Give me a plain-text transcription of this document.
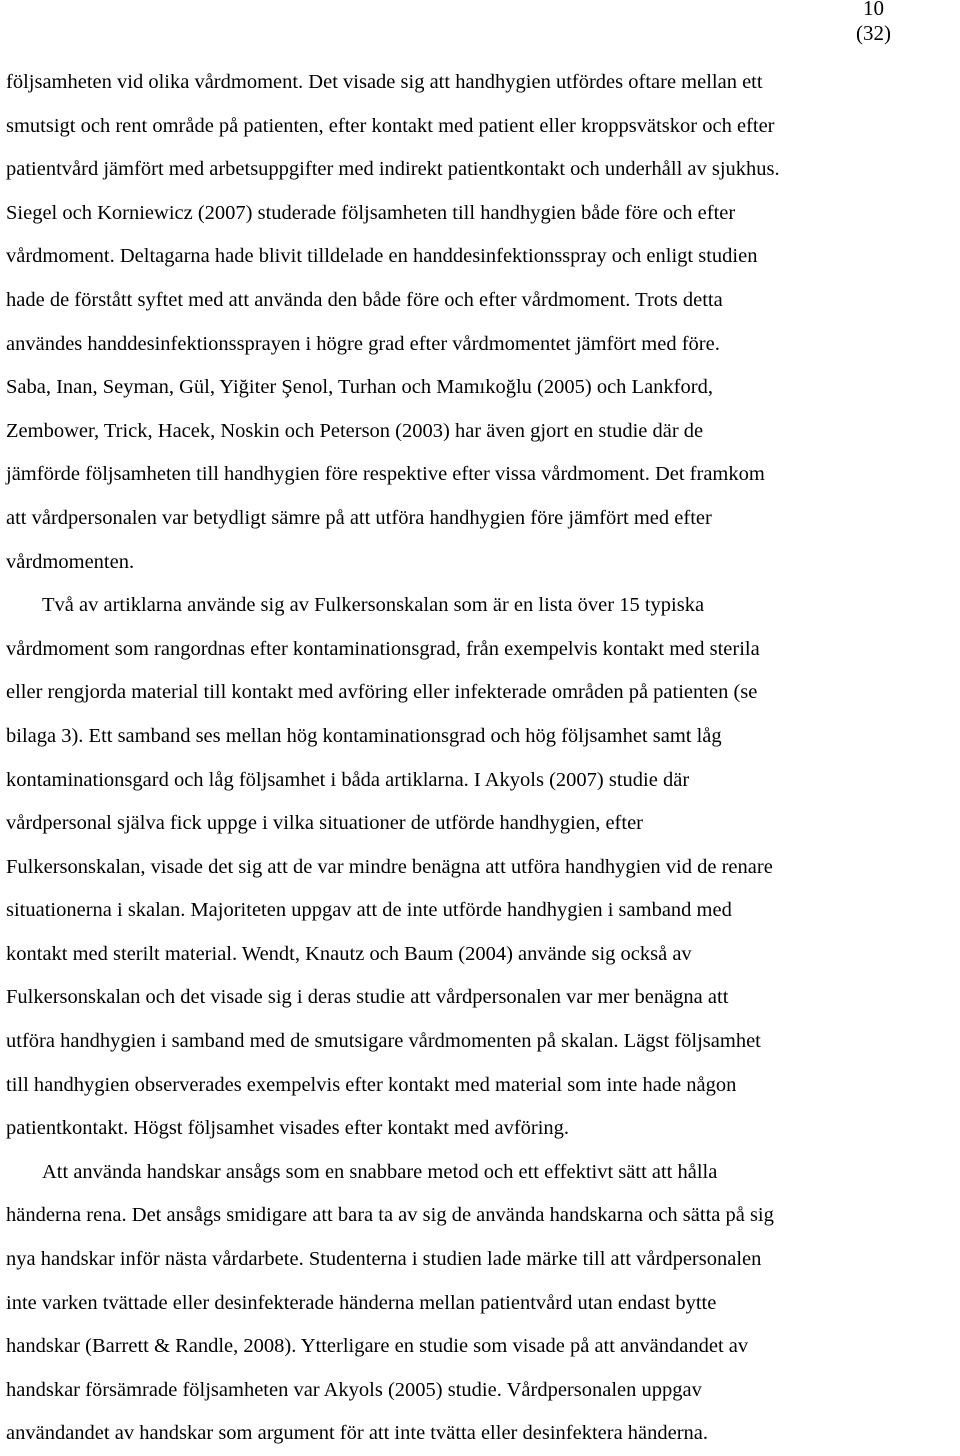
10
(32)

följsamheten vid olika vårdmoment. Det visade sig att handhygien utfördes oftare mellan ett
smutsigt och rent område på patienten, efter kontakt med patient eller kroppsvätskor och efter
patientvård jämfört med arbetsuppgifter med indirekt patientkontakt och underhåll av sjukhus.
Siegel och Korniewicz (2007) studerade följsamheten till handhygien både före och efter
vårdmoment. Deltagarna hade blivit tilldelade en handdesinfektionsspray och enligt studien
hade de förstått syftet med att använda den både före och efter vårdmoment. Trots detta
användes handdesinfektionssprayen i högre grad efter vårdmomentet jämfört med före.
Saba, Inan, Seyman, Gül, Yiğiter Şenol, Turhan och Mamıkoğlu (2005) och Lankford,
Zembower, Trick, Hacek, Noskin och Peterson (2003) har även gjort en studie där de
jämförde följsamheten till handhygien före respektive efter vissa vårdmoment. Det framkom
att vårdpersonalen var betydligt sämre på att utföra handhygien före jämfört med efter
vårdmomenten.

Två av artiklarna använde sig av Fulkersonskalan som är en lista över 15 typiska
vårdmoment som rangordnas efter kontaminationsgrad, från exempelvis kontakt med sterila
eller rengjorda material till kontakt med avföring eller infekterade områden på patienten (se
bilaga 3). Ett samband ses mellan hög kontaminationsgrad och hög följsamhet samt låg
kontaminationsgard och låg följsamhet i båda artiklarna. I Akyols (2007) studie där
vårdpersonal själva fick uppge i vilka situationer de utförde handhygien, efter
Fulkersonskalan, visade det sig att de var mindre benägna att utföra handhygien vid de renare
situationerna i skalan. Majoriteten uppgav att de inte utförde handhygien i samband med
kontakt med sterilt material. Wendt, Knautz och Baum (2004) använde sig också av
Fulkersonskalan och det visade sig i deras studie att vårdpersonalen var mer benägna att
utföra handhygien i samband med de smutsigare vårdmomenten på skalan. Lägst följsamhet
till handhygien observerades exempelvis efter kontakt med material som inte hade någon
patientkontakt. Högst följsamhet visades efter kontakt med avföring.

Att använda handskar ansågs som en snabbare metod och ett effektivt sätt att hålla
händerna rena. Det ansågs smidigare att bara ta av sig de använda handskarna och sätta på sig
nya handskar inför nästa vårdarbete. Studenterna i studien lade märke till att vårdpersonalen
inte varken tvättade eller desinfekterade händerna mellan patientvård utan endast bytte
handskar (Barrett & Randle, 2008). Ytterligare en studie som visade på att användandet av
handskar försämrade följsamheten var Akyols (2005) studie. Vårdpersonalen uppgav
användandet av handskar som argument för att inte tvätta eller desinfektera händerna.
